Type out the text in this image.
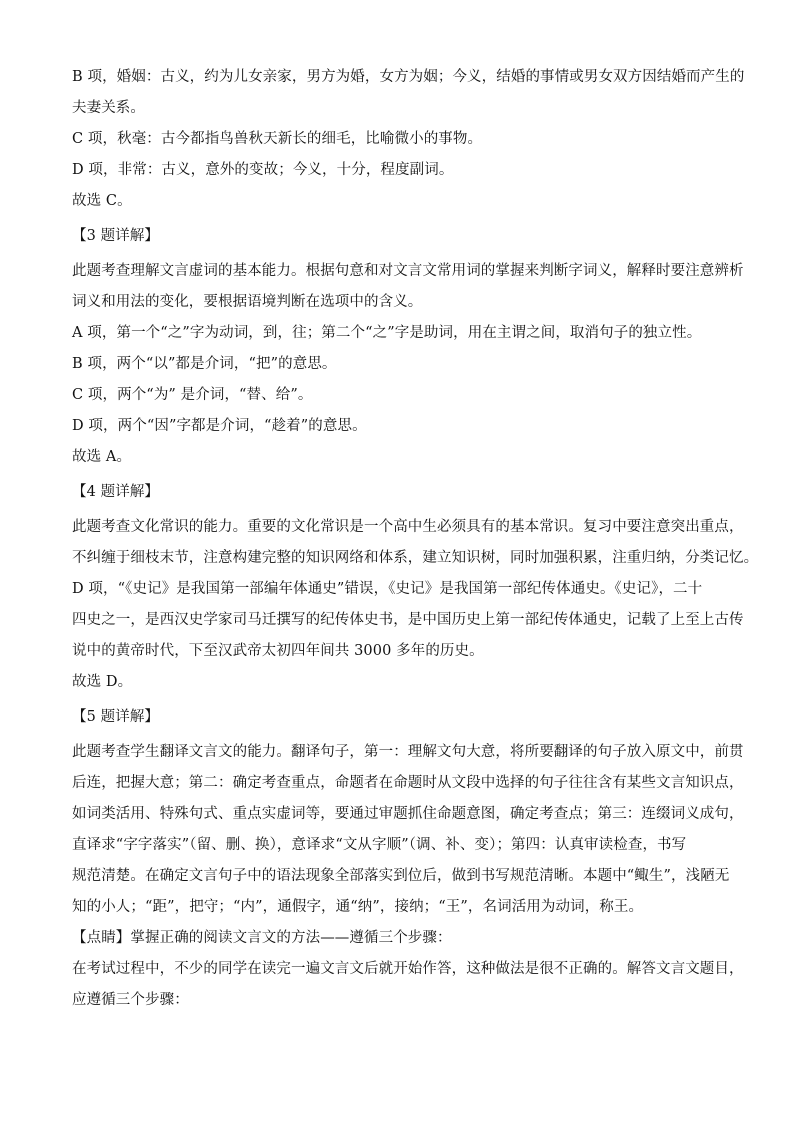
B 项，婚姻：古义，约为儿女亲家，男方为婚，女方为姻；今义，结婚的事情或男女双方因结婚而产生的
夫妻关系。
C 项，秋毫：古今都指鸟兽秋天新长的细毛，比喻微小的事物。
D 项，非常：古义，意外的变故；今义，十分，程度副词。
故选 C。
【3 题详解】
此题考查理解文言虚词的基本能力。根据句意和对文言文常用词的掌握来判断字词义，解释时要注意辨析
词义和用法的变化，要根据语境判断在选项中的含义。
A 项，第一个“之”字为动词，到，往；第二个“之”字是助词，用在主谓之间，取消句子的独立性。
B 项，两个“以”都是介词，“把”的意思。
C 项，两个“为” 是介词，“替、给”。
D 项，两个“因”字都是介词，“趁着”的意思。
故选 A。
【4 题详解】
此题考查文化常识的能力。重要的文化常识是一个高中生必须具有的基本常识。复习中要注意突出重点，
不纠缠于细枝末节，注意构建完整的知识网络和体系，建立知识树，同时加强积累，注重归纳，分类记忆。
D 项，“《史记》是我国第一部编年体通史”错误，《史记》是我国第一部纪传体通史。《史记》，二十
四史之一，是西汉史学家司马迁撰写的纪传体史书，是中国历史上第一部纪传体通史，记载了上至上古传
说中的黄帝时代，下至汉武帝太初四年间共 3000 多年的历史。
故选 D。
【5 题详解】
此题考查学生翻译文言文的能力。翻译句子，第一：理解文句大意，将所要翻译的句子放入原文中，前贯
后连，把握大意；第二：确定考查重点，命题者在命题时从文段中选择的句子往往含有某些文言知识点，
如词类活用、特殊句式、重点实虚词等，要通过审题抓住命题意图，确定考查点；第三：连缀词义成句，
直译求“字字落实”（留、删、换），意译求“文从字顺”（调、补、变）；第四：认真审读检查，书写
规范清楚。在确定文言句子中的语法现象全部落实到位后，做到书写规范清晰。本题中“鲰生”，浅陋无
知的小人；“距”，把守；“内”，通假字，通“纳”，接纳；“王”，名词活用为动词，称王。
【点睛】掌握正确的阅读文言文的方法——遵循三个步骤：
在考试过程中，不少的同学在读完一遍文言文后就开始作答，这种做法是很不正确的。解答文言文题目，
应遵循三个步骤：
